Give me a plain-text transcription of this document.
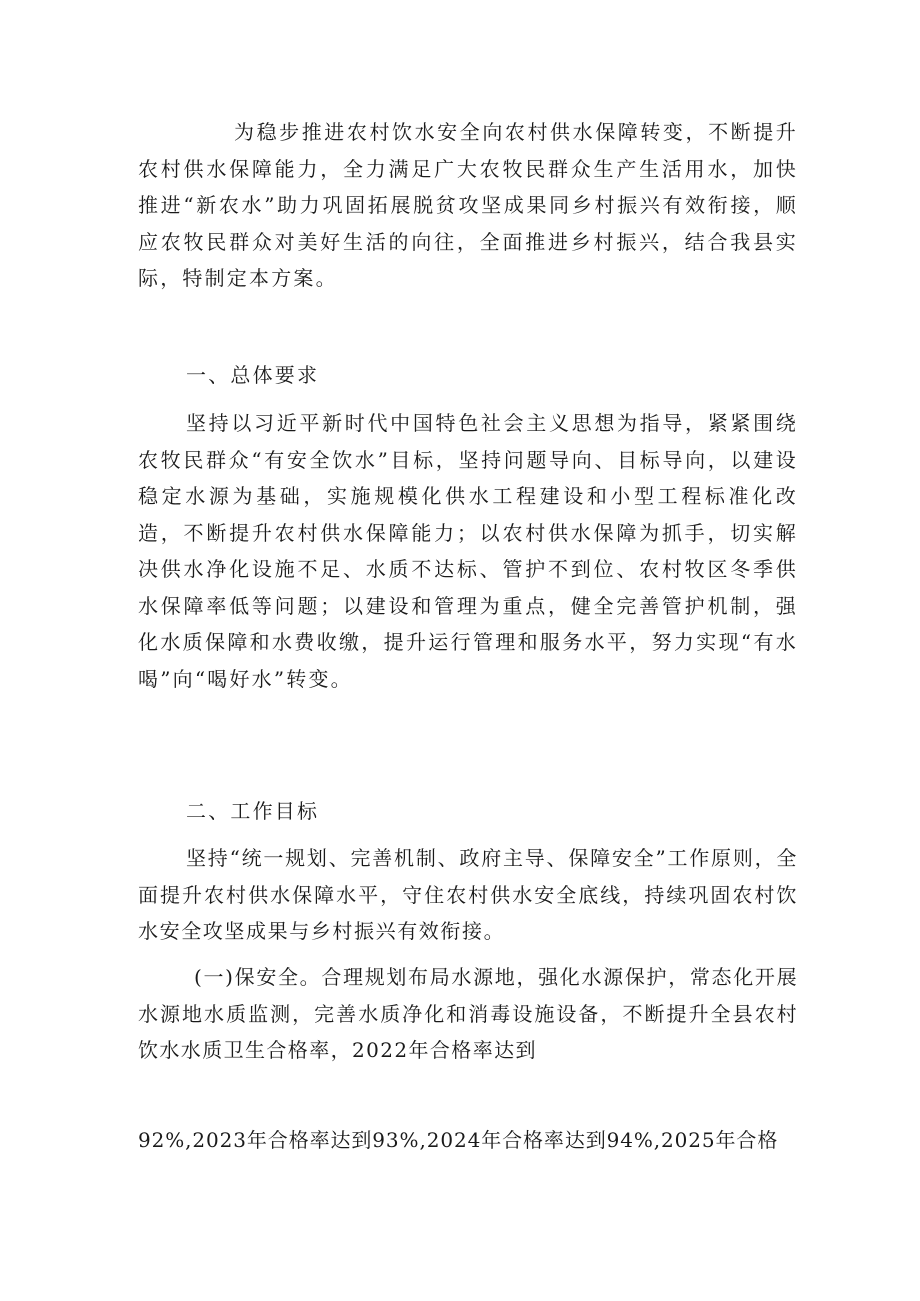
为稳步推进农村饮水安全向农村供水保障转变，不断提升农村供水保障能力，全力满足广大农牧民群众生产生活用水，加快推进“新农水”助力巩固拓展脱贫攻坚成果同乡村振兴有效衔接，顺应农牧民群众对美好生活的向往，全面推进乡村振兴，结合我县实际，特制定本方案。

一、总体要求

坚持以习近平新时代中国特色社会主义思想为指导，紧紧围绕农牧民群众“有安全饮水”目标，坚持问题导向、目标导向，以建设稳定水源为基础，实施规模化供水工程建设和小型工程标准化改造，不断提升农村供水保障能力；以农村供水保障为抓手，切实解决供水净化设施不足、水质不达标、管护不到位、农村牧区冬季供水保障率低等问题；以建设和管理为重点，健全完善管护机制，强化水质保障和水费收缴，提升运行管理和服务水平，努力实现“有水喝”向“喝好水”转变。

二、工作目标

坚持“统一规划、完善机制、政府主导、保障安全”工作原则，全面提升农村供水保障水平，守住农村供水安全底线，持续巩固农村饮水安全攻坚成果与乡村振兴有效衔接。

(一)保安全。合理规划布局水源地，强化水源保护，常态化开展水源地水质监测，完善水质净化和消毒设施设备，不断提升全县农村饮水水质卫生合格率，2022年合格率达到

92%,2023年合格率达到93%,2024年合格率达到94%,2025年合格
